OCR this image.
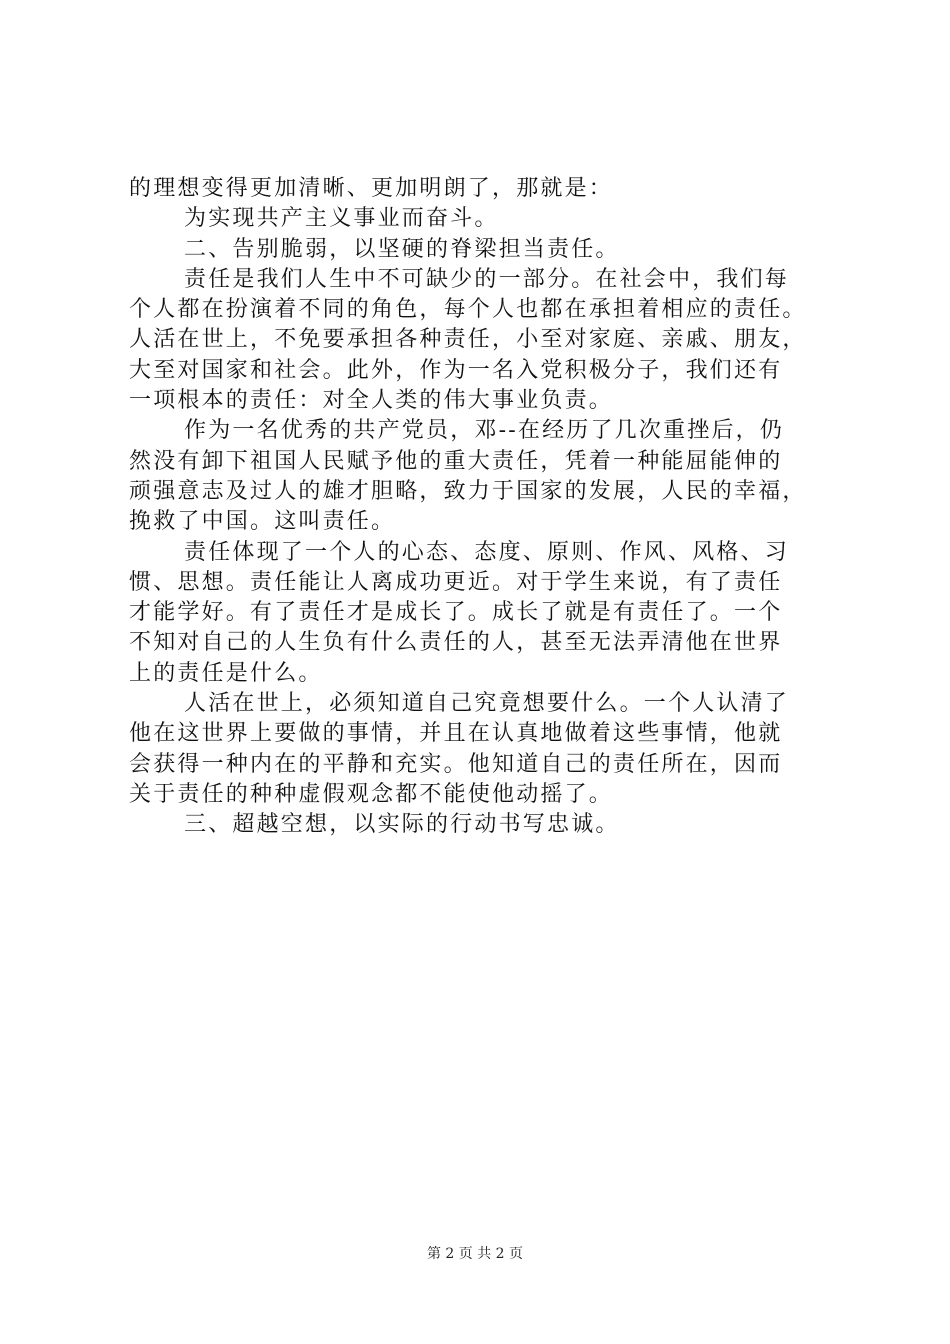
的理想变得更加清晰、更加明朗了，那就是：
为实现共产主义事业而奋斗。
二、告别脆弱，以坚硬的脊梁担当责任。
责任是我们人生中不可缺少的一部分。在社会中，我们每
个人都在扮演着不同的角色，每个人也都在承担着相应的责任。
人活在世上，不免要承担各种责任，小至对家庭、亲戚、朋友，
大至对国家和社会。此外，作为一名入党积极分子，我们还有
一项根本的责任：对全人类的伟大事业负责。
作为一名优秀的共产党员，邓--在经历了几次重挫后，仍
然没有卸下祖国人民赋予他的重大责任，凭着一种能屈能伸的
顽强意志及过人的雄才胆略，致力于国家的发展，人民的幸福，
挽救了中国。这叫责任。
责任体现了一个人的心态、态度、原则、作风、风格、习
惯、思想。责任能让人离成功更近。对于学生来说，有了责任
才能学好。有了责任才是成长了。成长了就是有责任了。一个
不知对自己的人生负有什么责任的人，甚至无法弄清他在世界
上的责任是什么。
人活在世上，必须知道自己究竟想要什么。一个人认清了
他在这世界上要做的事情，并且在认真地做着这些事情，他就
会获得一种内在的平静和充实。他知道自己的责任所在，因而
关于责任的种种虚假观念都不能使他动摇了。
三、超越空想，以实际的行动书写忠诚。
第 2 页 共 2 页
